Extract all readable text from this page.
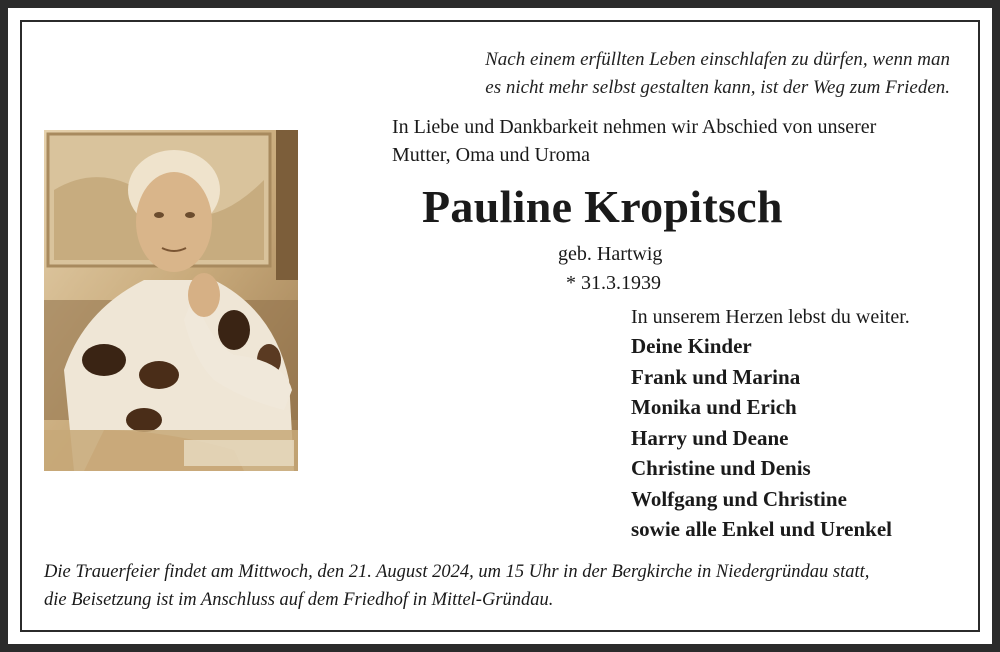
Nach einem erfüllten Leben einschlafen zu dürfen, wenn man
es nicht mehr selbst gestalten kann, ist der Weg zum Frieden.
In Liebe und Dankbarkeit nehmen wir Abschied von unserer
Mutter, Oma und Uroma
Pauline Kropitsch
geb. Hartwig
* 31.3.1939
In unserem Herzen lebst du weiter.
Deine Kinder
Frank und Marina
Monika und Erich
Harry und Deane
Christine und Denis
Wolfgang und Christine
sowie alle Enkel und Urenkel
Die Trauerfeier findet am Mittwoch, den 21. August 2024, um 15 Uhr in der Bergkirche in Niedergründau statt,
die Beisetzung ist im Anschluss auf dem Friedhof in Mittel-Gründau.
